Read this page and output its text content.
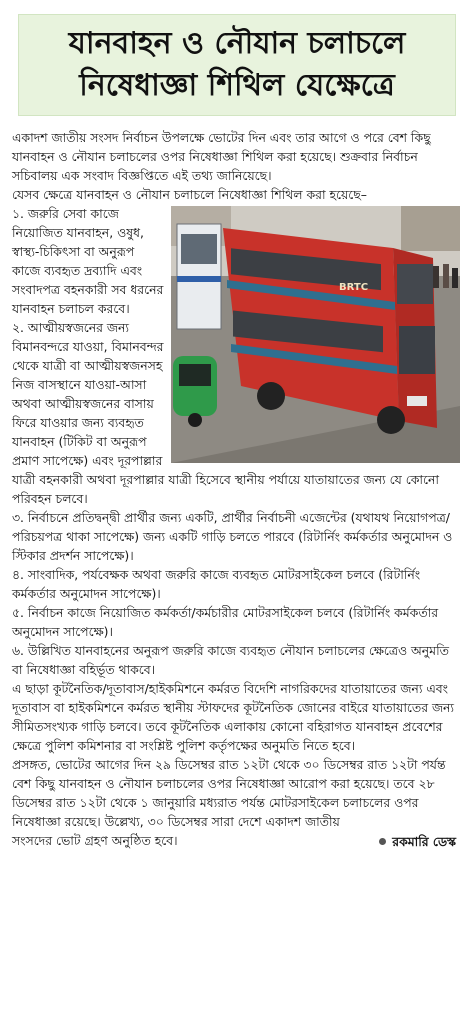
যানবাহন ও নৌযান চলাচলে
নিষেধাজ্ঞা শিথিল যেক্ষেত্রে

একাদশ জাতীয় সংসদ নির্বাচন উপলক্ষে ভোটের দিন এবং তার আগে ও পরে বেশ কিছু যানবাহন ও নৌযান চলাচলের ওপর নিষেধাজ্ঞা শিথিল করা হয়েছে। শুক্রবার নির্বাচন সচিবালয় এক সংবাদ বিজ্ঞপ্তিতে এই তথ্য জানিয়েছে।

যেসব ক্ষেত্রে যানবাহন ও নৌযান চলাচলে নিষেধাজ্ঞা শিথিল করা হয়েছে–

BRTC

১. জরুরি সেবা কাজে নিয়োজিত যানবাহন, ওষুধ, স্বাস্থ্য-চিকিৎসা বা অনুরূপ কাজে ব্যবহৃত দ্রব্যাদি এবং সংবাদপত্র বহনকারী সব ধরনের যানবাহন চলাচল করবে।

২. আত্মীয়স্বজনের জন্য বিমানবন্দরে যাওয়া, বিমানবন্দর থেকে যাত্রী বা আত্মীয়স্বজনসহ নিজ বাসস্থানে যাওয়া-আসা অথবা আত্মীয়স্বজনের বাসায় ফিরে যাওয়ার জন্য ব্যবহৃত যানবাহন (টিকিট বা অনুরূপ প্রমাণ সাপেক্ষে) এবং দূরপাল্লার যাত্রী বহনকারী অথবা দূরপাল্লার যাত্রী হিসেবে স্থানীয় পর্যায়ে যাতায়াতের জন্য যে কোনো পরিবহন চলবে।

৩. নির্বাচনে প্রতিদ্বন্দ্বী প্রার্থীর জন্য একটি, প্রার্থীর নির্বাচনী এজেন্টের (যথাযথ নিয়োগপত্র/পরিচয়পত্র থাকা সাপেক্ষে) জন্য একটি গাড়ি চলতে পারবে (রিটার্নিং কর্মকর্তার অনুমোদন ও স্টিকার প্রদর্শন সাপেক্ষে)।

৪. সাংবাদিক, পর্যবেক্ষক অথবা জরুরি কাজে ব্যবহৃত মোটরসাইকেল চলবে (রিটার্নিং কর্মকর্তার অনুমোদন সাপেক্ষে)।

৫. নির্বাচন কাজে নিয়োজিত কর্মকর্তা/কর্মচারীর মোটরসাইকেল চলবে (রিটার্নিং কর্মকর্তার অনুমোদন সাপেক্ষে)।

৬. উল্লিখিত যানবাহনের অনুরূপ জরুরি কাজে ব্যবহৃত নৌযান চলাচলের ক্ষেত্রেও অনুমতি বা নিষেধাজ্ঞা বহির্ভূত থাকবে।

এ ছাড়া কূটনৈতিক/দূতাবাস/হাইকমিশনে কর্মরত বিদেশি নাগরিকদের যাতায়াতের জন্য এবং দূতাবাস বা হাইকমিশনে কর্মরত স্থানীয় স্টাফদের কূটনৈতিক জোনের বাইরে যাতায়াতের জন্য সীমিতসংখ্যক গাড়ি চলবে। তবে কূটনৈতিক এলাকায় কোনো বহিরাগত যানবাহন প্রবেশের ক্ষেত্রে পুলিশ কমিশনার বা সংশ্লিষ্ট পুলিশ কর্তৃপক্ষের অনুমতি নিতে হবে।

প্রসঙ্গত, ভোটের আগের দিন ২৯ ডিসেম্বর রাত ১২টা থেকে ৩০ ডিসেম্বর রাত ১২টা পর্যন্ত বেশ কিছু যানবাহন ও নৌযান চলাচলের ওপর নিষেধাজ্ঞা আরোপ করা হয়েছে। তবে ২৮ ডিসেম্বর রাত ১২টা থেকে ১ জানুয়ারি মধ্যরাত পর্যন্ত মোটরসাইকেল চলাচলের ওপর নিষেধাজ্ঞা রয়েছে। উল্লেখ্য, ৩০ ডিসেম্বর সারা দেশে একাদশ জাতীয়

সংসদের ভোট গ্রহণ অনুষ্ঠিত হবে।	রকমারি ডেস্ক
